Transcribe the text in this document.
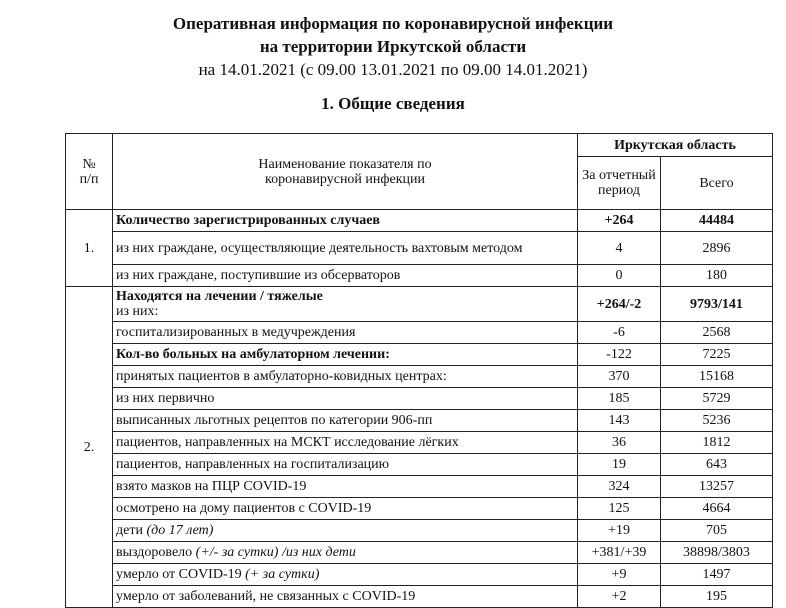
Оперативная информация по коронавирусной инфекции
на территории Иркутской области
на 14.01.2021 (с 09.00 13.01.2021 по 09.00 14.01.2021)
1. Общие сведения
№ п/п	Наименование показателя по коронавирусной инфекции	Иркутская область	
		За отчетный период	Всего
1.	Количество зарегистрированных случаев	+264	44484
	из них граждане, осуществляющие деятельность вахтовым методом	4	2896
	из них граждане, поступившие из обсерваторов	0	180
2.	Находятся на лечении / тяжелые
из них:	+264/-2	9793/141
	госпитализированных в медучреждения	-6	2568
	Кол-во больных на амбулаторном лечении:	-122	7225
	принятых пациентов в амбулаторно-ковидных центрах:	370	15168
	из них первично	185	5729
	выписанных льготных рецептов по категории 906-пп	143	5236
	пациентов, направленных на МСКТ исследование лёгких	36	1812
	пациентов, направленных на госпитализацию	19	643
	взято мазков на ПЦР COVID-19	324	13257
	осмотрено на дому пациентов с COVID-19	125	4664
	дети (до 17 лет)	+19	705
	выздоровело (+/- за сутки) /из них дети	+381/+39	38898/3803
	умерло от COVID-19 (+ за сутки)	+9	1497
	умерло от заболеваний, не связанных с COVID-19	+2	195
